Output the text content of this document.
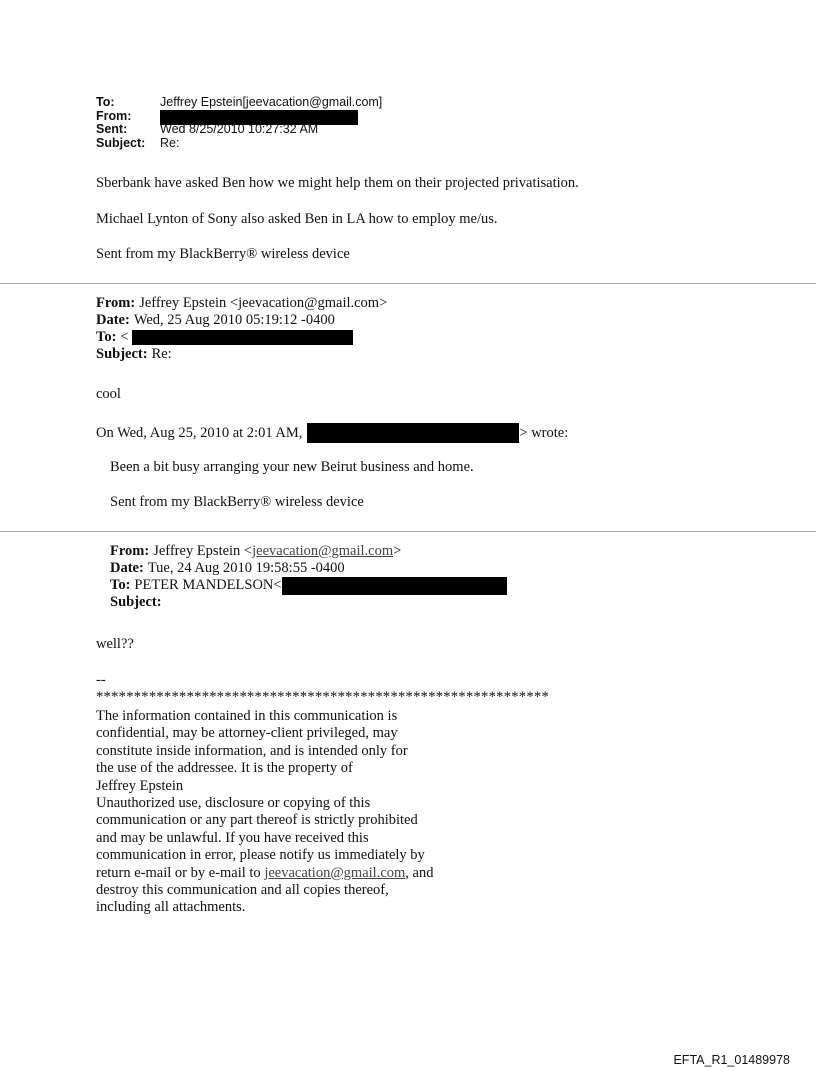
To:	Jeffrey Epstein[jeevacation@gmail.com]
From:
Sent:	Wed 8/25/2010 10:27:32 AM
Subject:	Re:
Sberbank have asked Ben how we might help them on their projected privatisation.
Michael Lynton of Sony also asked Ben in LA how to employ me/us.
Sent from my BlackBerry® wireless device
From: Jeffrey Epstein <jeevacation@gmail.com>
Date: Wed, 25 Aug 2010 05:19:12 -0400
To: <
Subject: Re:
cool
On Wed, Aug 25, 2010 at 2:01 AM,	> wrote:
Been a bit busy arranging your new Beirut business and home.
Sent from my BlackBerry® wireless device
From: Jeffrey Epstein < jeevacation@gmail.com >
Date: Tue, 24 Aug 2010 19:58:55 -0400
To: PETER MANDELSON<
Subject:
well??
--
************************************************************
The information contained in this communication is
confidential, may be attorney-client privileged, may
constitute inside information, and is intended only for
the use of the addressee. It is the property of
Jeffrey Epstein
Unauthorized use, disclosure or copying of this
communication or any part thereof is strictly prohibited
and may be unlawful. If you have received this
communication in error, please notify us immediately by
return e-mail or by e-mail to jeevacation@gmail.com, and
destroy this communication and all copies thereof,
including all attachments.
EFTA_R1_01489978
